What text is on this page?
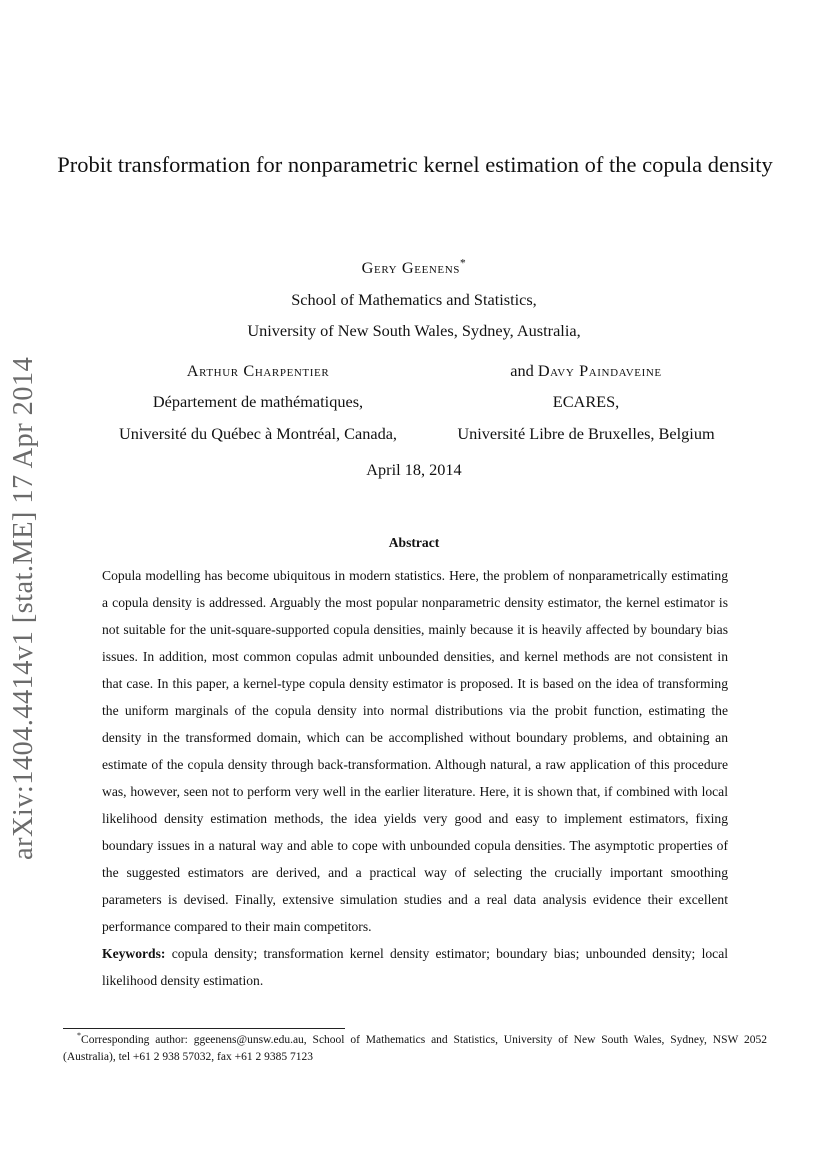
arXiv:1404.4414v1 [stat.ME] 17 Apr 2014
Probit transformation for nonparametric kernel estimation of the copula density
Gery Geenens*
School of Mathematics and Statistics,
University of New South Wales, Sydney, Australia,
Arthur Charpentier
Département de mathématiques,
Université du Québec à Montréal, Canada,
and Davy Paindaveine
ECARES,
Université Libre de Bruxelles, Belgium
April 18, 2014
Abstract

Copula modelling has become ubiquitous in modern statistics. Here, the problem of nonparametrically estimating a copula density is addressed. Arguably the most popular nonparametric density estimator, the kernel estimator is not suitable for the unit-square-supported copula densities, mainly because it is heavily affected by boundary bias issues. In addition, most common copulas admit unbounded densities, and kernel methods are not consistent in that case. In this paper, a kernel-type copula density estimator is proposed. It is based on the idea of transforming the uniform marginals of the copula density into normal distributions via the probit function, estimating the density in the transformed domain, which can be accomplished without boundary problems, and obtaining an estimate of the copula density through back-transformation. Although natural, a raw application of this procedure was, however, seen not to perform very well in the earlier literature. Here, it is shown that, if combined with local likelihood density estimation methods, the idea yields very good and easy to implement estimators, fixing boundary issues in a natural way and able to cope with unbounded copula densities. The asymptotic properties of the suggested estimators are derived, and a practical way of selecting the crucially important smoothing parameters is devised. Finally, extensive simulation studies and a real data analysis evidence their excellent performance compared to their main competitors.

Keywords: copula density; transformation kernel density estimator; boundary bias; unbounded density; local likelihood density estimation.

*Corresponding author: ggeenens@unsw.edu.au, School of Mathematics and Statistics, University of New South Wales, Sydney, NSW 2052 (Australia), tel +61 2 938 57032, fax +61 2 9385 7123
